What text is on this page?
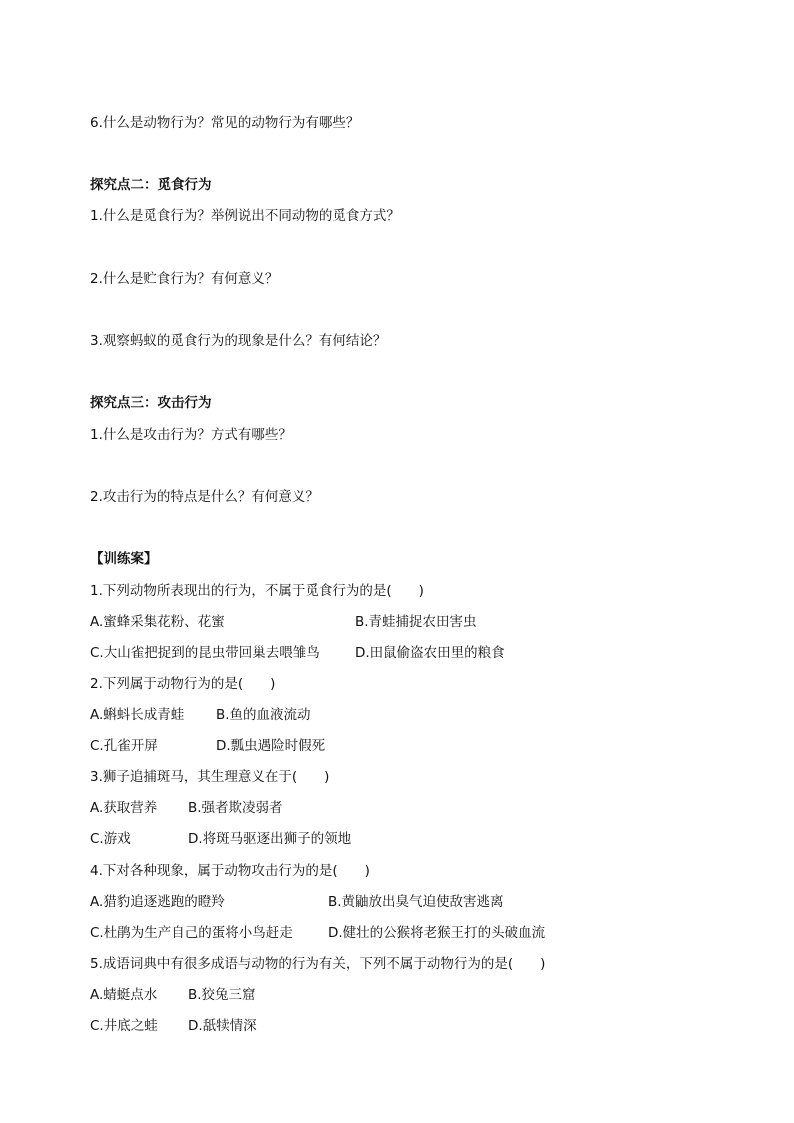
6.什么是动物行为？常见的动物行为有哪些？
探究点二：觅食行为
1.什么是觅食行为？举例说出不同动物的觅食方式？
2.什么是贮食行为？有何意义？
3.观察蚂蚁的觅食行为的现象是什么？有何结论？
探究点三：攻击行为
1.什么是攻击行为？方式有哪些？
2.攻击行为的特点是什么？有何意义？
【训练案】
1.下列动物所表现出的行为，不属于觅食行为的是(　　)
A.蜜蜂采集花粉、花蜜	B.青蛙捕捉农田害虫
C.大山雀把捉到的昆虫带回巢去喂雏鸟	D.田鼠偷盗农田里的粮食
2.下列属于动物行为的是(　　)
A.蝌蚪长成青蛙 B.鱼的血液流动
C.孔雀开屏	D.瓢虫遇险时假死
3.狮子追捕斑马，其生理意义在于(　　)
A.获取营养 B.强者欺凌弱者
C.游戏	D.将斑马驱逐出狮子的领地
4.下对各种现象，属于动物攻击行为的是(　　)
A.猎豹追逐逃跑的瞪羚	B.黄鼬放出臭气迫使敌害逃离
C.杜鹃为生产自己的蛋将小鸟赶走	D.健壮的公猴将老猴王打的头破血流
5.成语词典中有很多成语与动物的行为有关，下列不属于动物行为的是(　　)
A.蜻蜓点水 B.狡兔三窟
C.井底之蛙 D.舐犊情深
